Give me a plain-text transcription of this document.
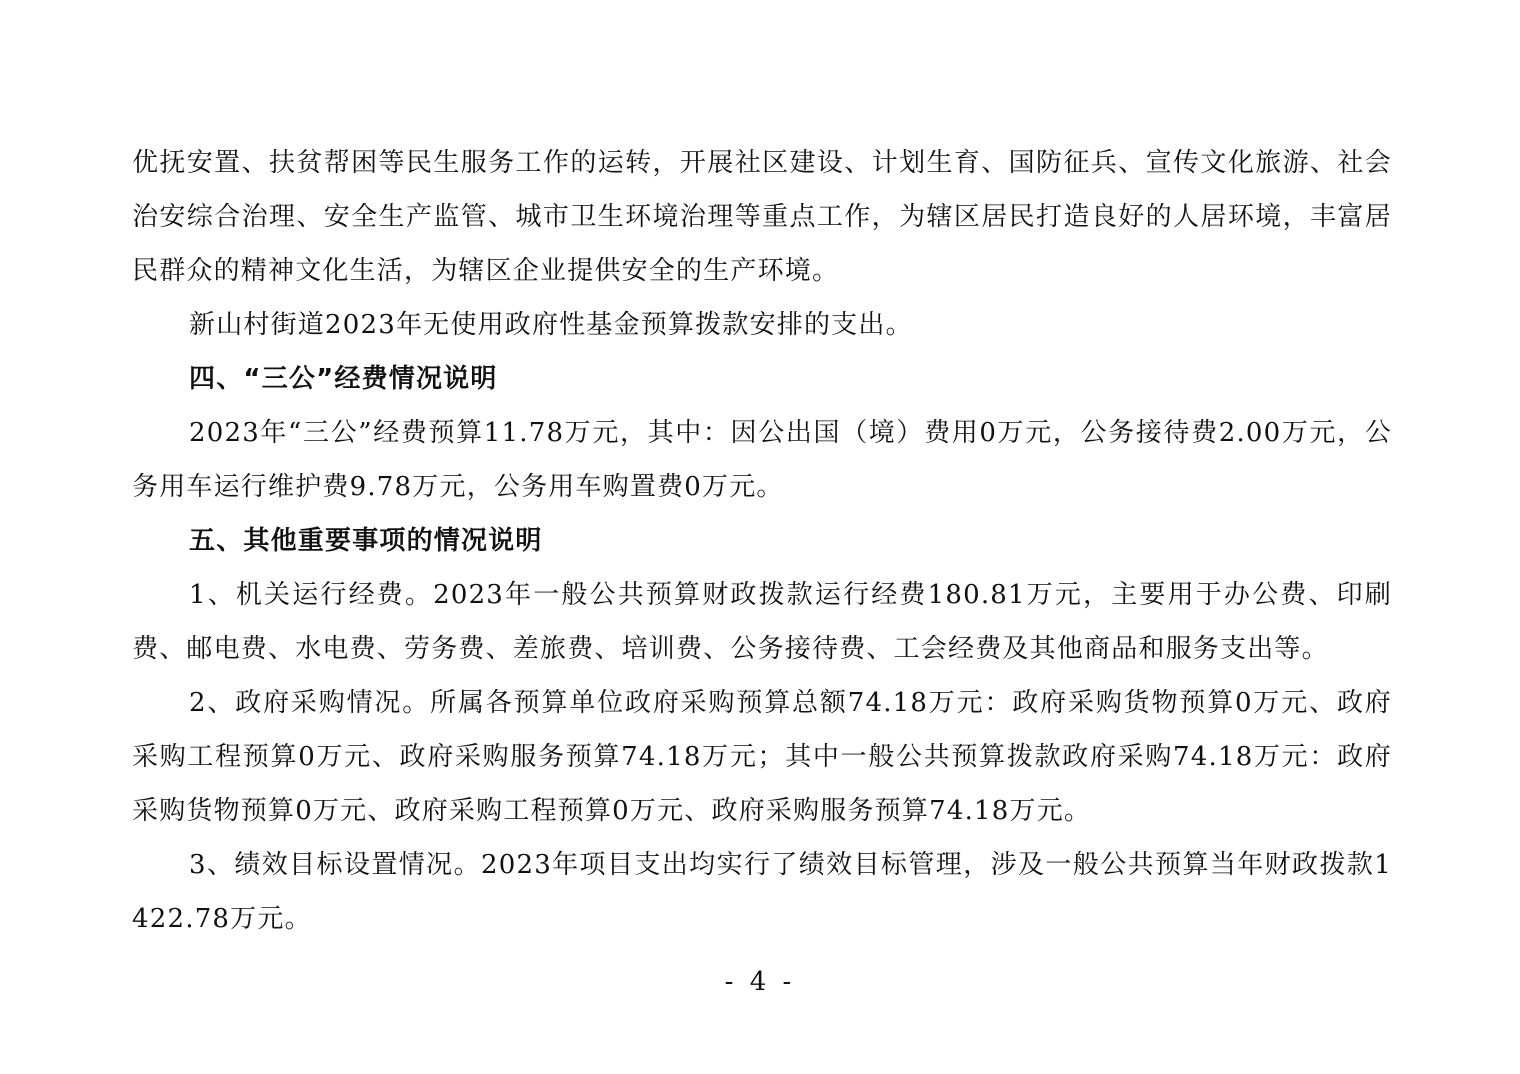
优抚安置、扶贫帮困等民生服务工作的运转，开展社区建设、计划生育、国防征兵、宣传文化旅游、社会治安综合治理、安全生产监管、城市卫生环境治理等重点工作，为辖区居民打造良好的人居环境，丰富居民群众的精神文化生活，为辖区企业提供安全的生产环境。

新山村街道2023年无使用政府性基金预算拨款安排的支出。

四、“三公”经费情况说明

2023年“三公”经费预算11.78万元，其中：因公出国（境）费用0万元，公务接待费2.00万元，公务用车运行维护费9.78万元，公务用车购置费0万元。

五、其他重要事项的情况说明

1、机关运行经费。2023年一般公共预算财政拨款运行经费180.81万元，主要用于办公费、印刷费、邮电费、水电费、劳务费、差旅费、培训费、公务接待费、工会经费及其他商品和服务支出等。

2、政府采购情况。所属各预算单位政府采购预算总额74.18万元：政府采购货物预算0万元、政府采购工程预算0万元、政府采购服务预算74.18万元；其中一般公共预算拨款政府采购74.18万元：政府采购货物预算0万元、政府采购工程预算0万元、政府采购服务预算74.18万元。

3、绩效目标设置情况。2023年项目支出均实行了绩效目标管理，涉及一般公共预算当年财政拨款1422.78万元。

- 4 -
